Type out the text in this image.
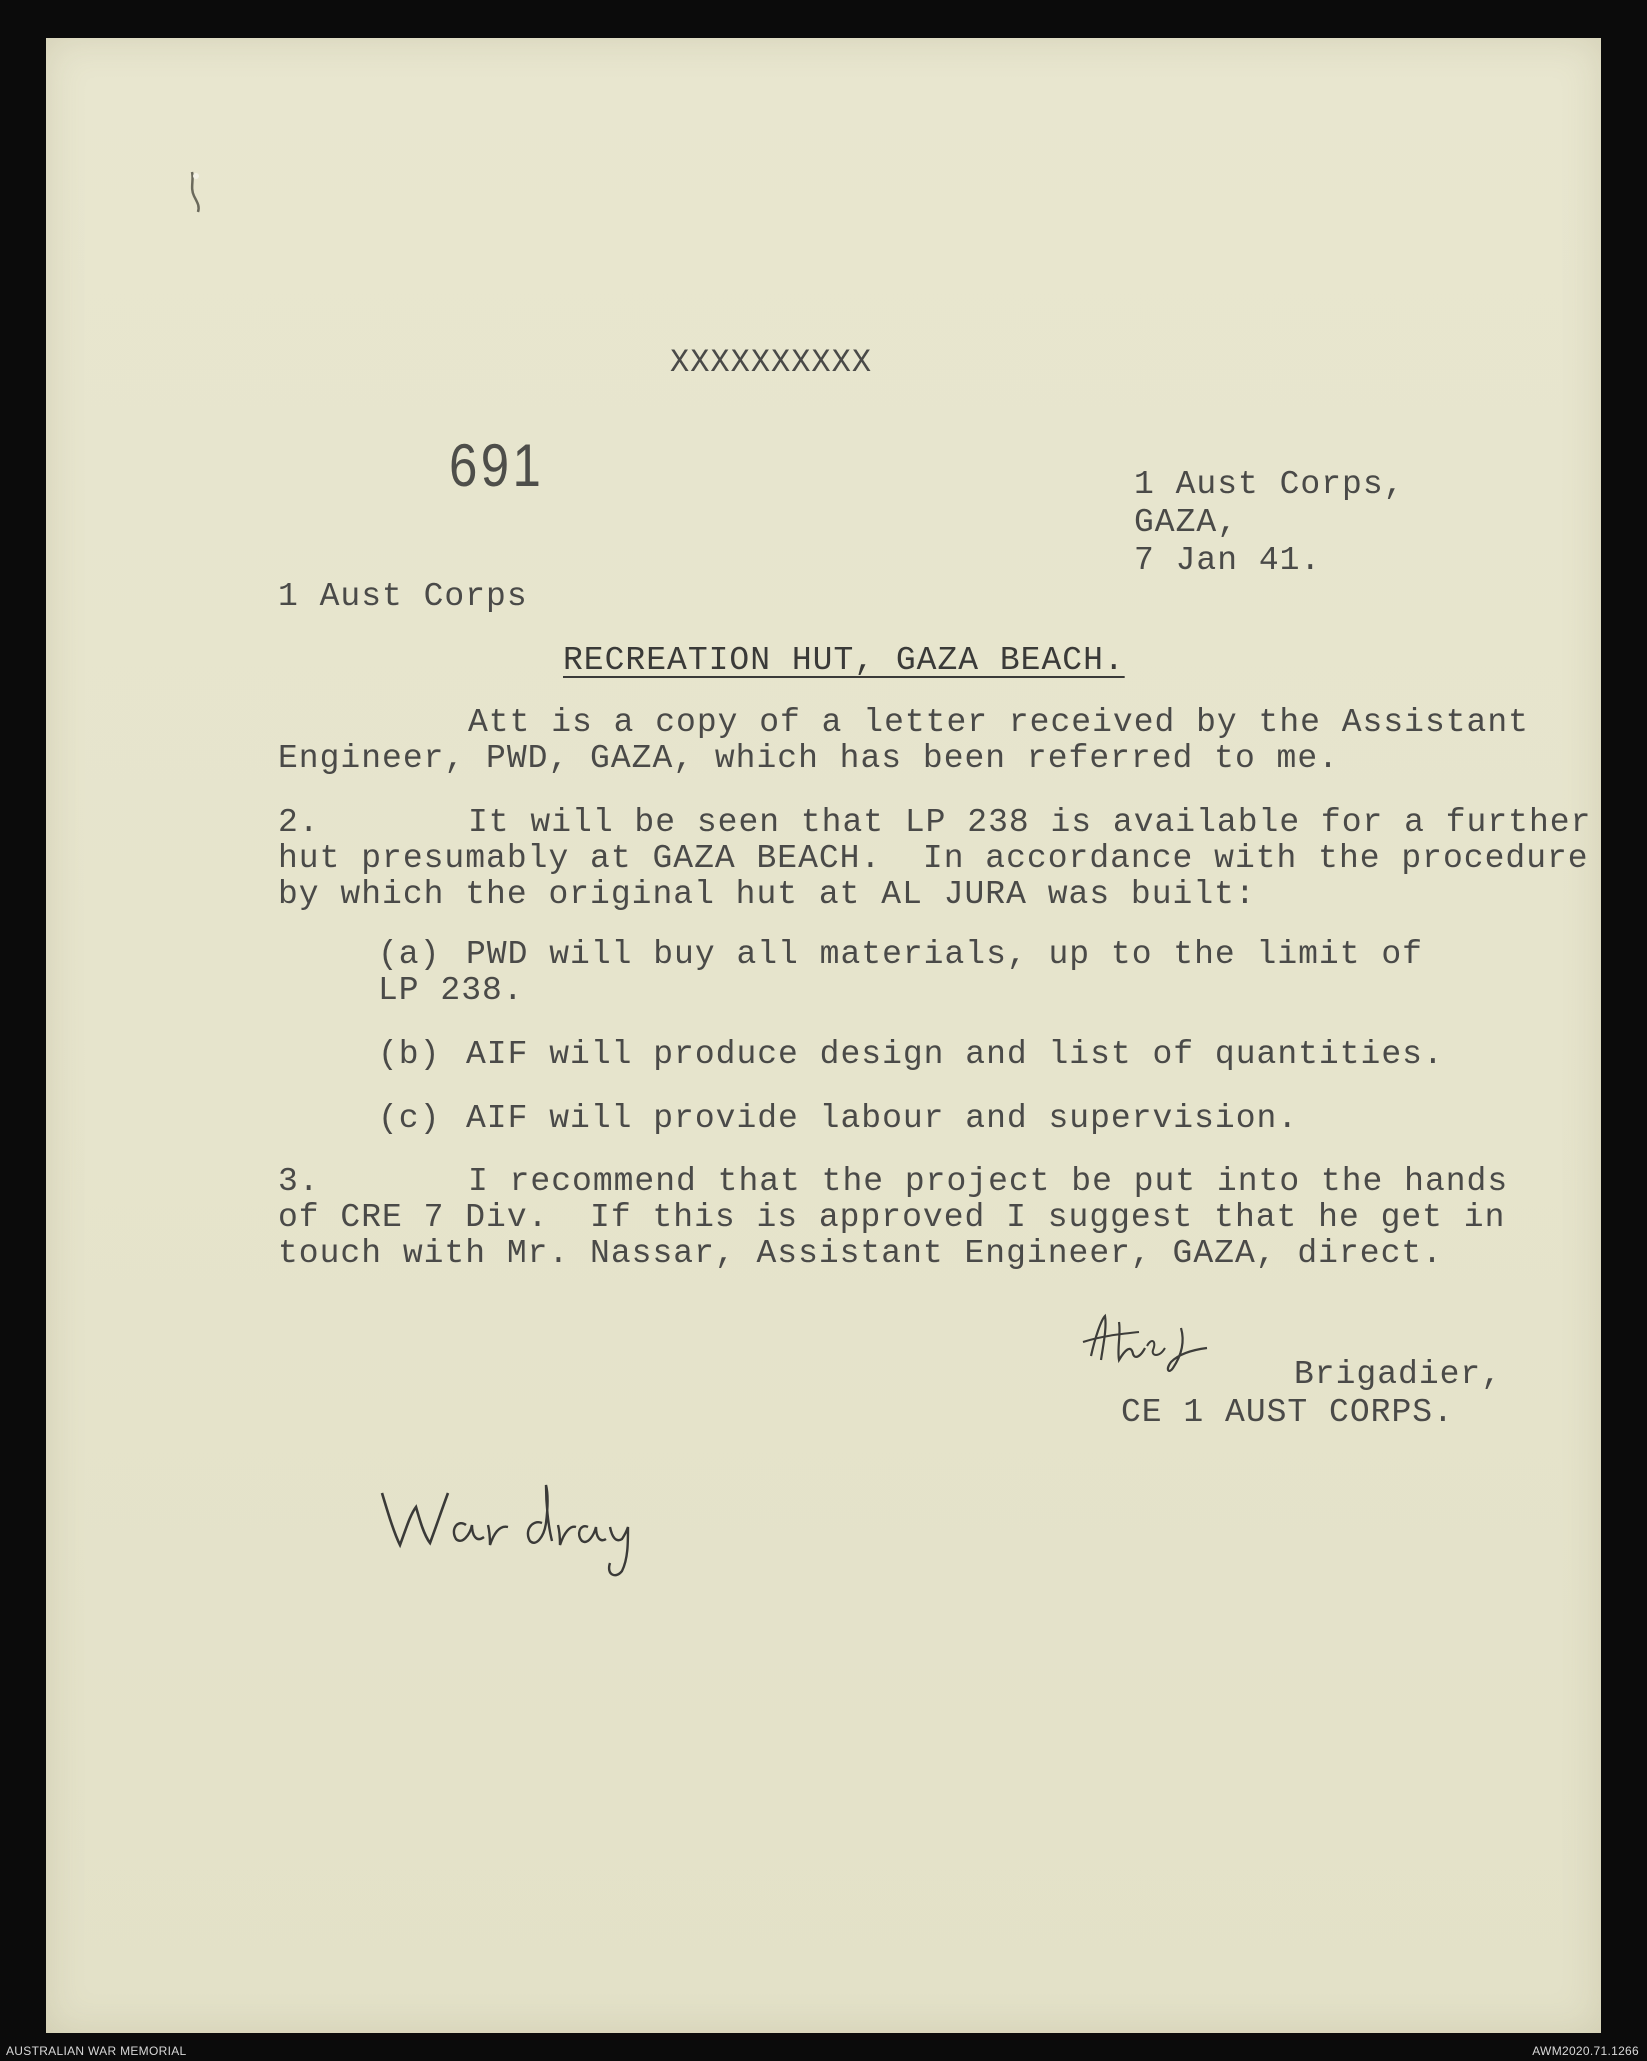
XXXXXXXXXX
691	1 Aust Corps,
GAZA,
7 Jan 41.
1 Aust Corps
RECREATION HUT, GAZA BEACH.
Att is a copy of a letter received by the Assistant
Engineer, PWD, GAZA, which has been referred to me.
2.	It will be seen that LP 238 is available for a further
hut presumably at GAZA BEACH.  In accordance with the procedure
by which the original hut at AL JURA was built:
(a) PWD will buy all materials, up to the limit of
LP 238.
(b) AIF will produce design and list of quantities.
(c) AIF will provide labour and supervision.
3.	I recommend that the project be put into the hands
of CRE 7 Div.  If this is approved I suggest that he get in
touch with Mr. Nassar, Assistant Engineer, GAZA, direct.
Brigadier,
CE 1 AUST CORPS.
AUSTRALIAN WAR MEMORIAL	AWM2020.71.1266
